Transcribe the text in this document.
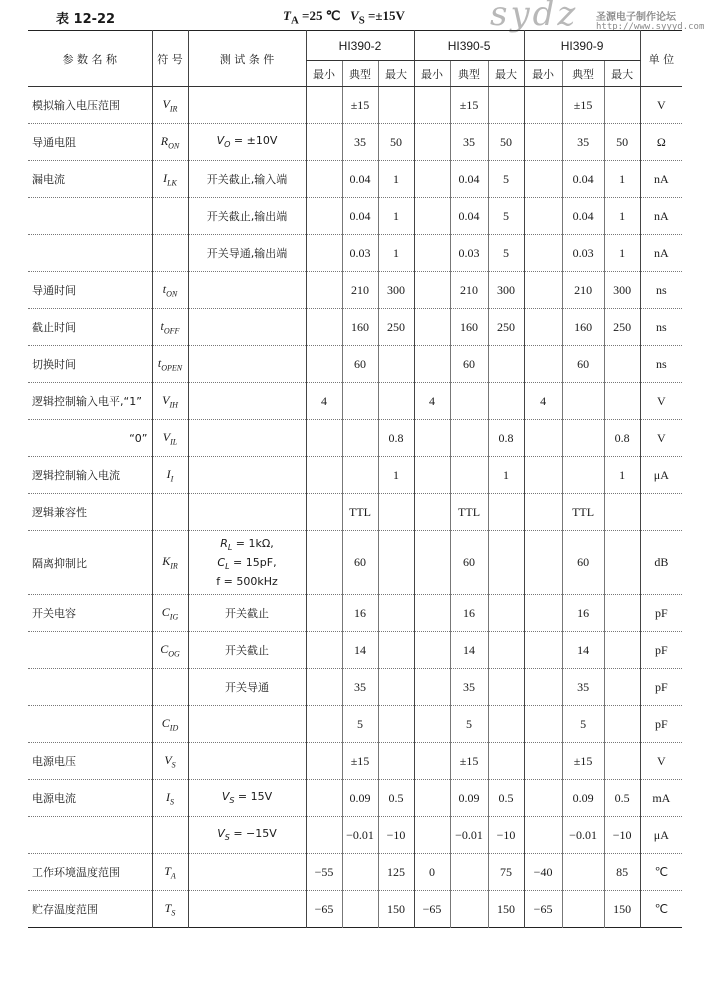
表 12-22	$T_A =25$ ℃ $V_S =\pm 15V$	sydz 圣源电子制作论坛
http://www.syyyd.com
参 数 名 称	符 号	测 试 条 件	HI390-2			HI390-5			HI390-9			单 位
			最小	典型	最大	最小	典型	最大	最小	典型	最大	
模拟输入电压范围	$V_{IR}$			±15			±15			±15		V
导通电阻	$R_{ON}$	$V_O = \pm 10V$		35	50		35	50		35	50	Ω
漏电流	$I_{LK}$	开关截止,输入端		0.04	1		0.04	5		0.04	1	nA
		开关截止,输出端		0.04	1		0.04	5		0.04	1	nA
		开关导通,输出端		0.03	1		0.03	5		0.03	1	nA
导通时间	$t_{ON}$			210	300		210	300		210	300	ns
截止时间	$t_{OFF}$			160	250		160	250		160	250	ns
切换时间	$t_{OPEN}$			60			60			60		ns
逻辑控制输入电平,“1”	$V_{IH}$		4			4			4			V
“0”	$V_{IL}$				0.8			0.8			0.8	V
逻辑控制输入电流	$I_I$				1			1			1	μA
逻辑兼容性				TTL			TTL			TTL		
隔离抑制比	$K_{IR}$	$R_L = 1k\Omega$,
$C_L = 15pF$,
f = 500kHz		60			60			60		dB
开关电容	$C_{IG}$	开关截止		16			16			16		pF
	$C_{OG}$	开关截止		14			14			14		pF
		开关导通		35			35			35		pF
	$C_{ID}$			5			5			5		pF
电源电压	$V_S$			±15			±15			±15		V
电源电流	$I_S$	$V_S = 15V$		0.09	0.5		0.09	0.5		0.09	0.5	mA
		$V_S = -15V$		−0.01	−10		−0.01	−10		−0.01	−10	μA
工作环境温度范围	$T_A$		−55		125	0		75	−40		85	℃
贮存温度范围	$T_S$		−65		150	−65		150	−65		150	℃
